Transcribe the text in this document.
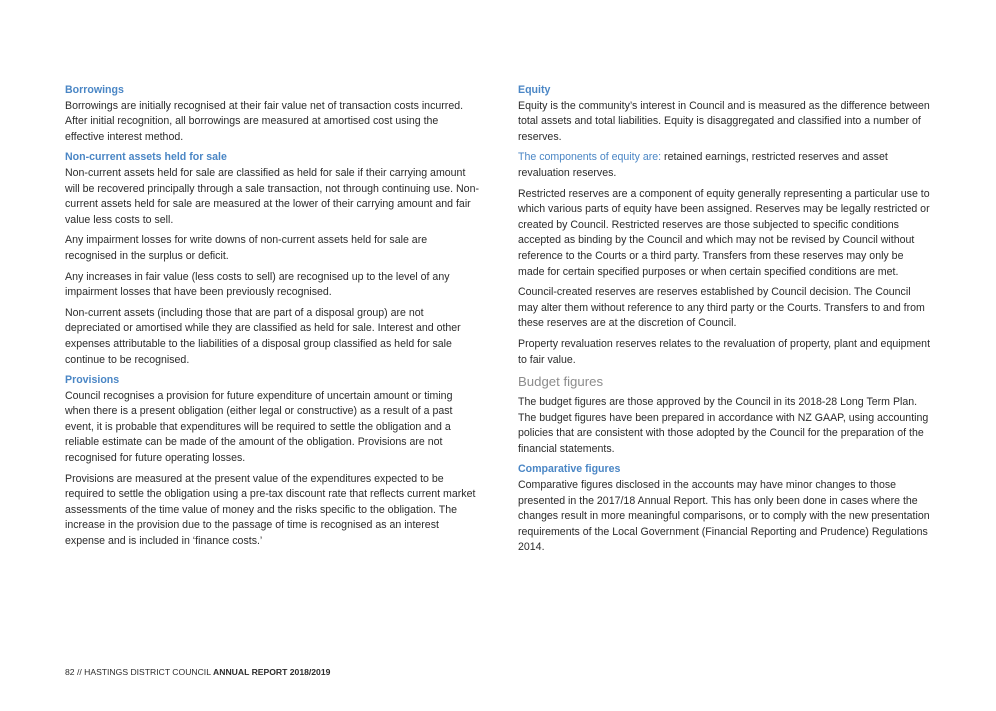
Borrowings

Borrowings are initially recognised at their fair value net of transaction costs incurred. After initial recognition, all borrowings are measured at amortised cost using the effective interest method.

Non-current assets held for sale

Non-current assets held for sale are classified as held for sale if their carrying amount will be recovered principally through a sale transaction, not through continuing use. Non-current assets held for sale are measured at the lower of their carrying amount and fair value less costs to sell.

Any impairment losses for write downs of non-current assets held for sale are recognised in the surplus or deficit.

Any increases in fair value (less costs to sell) are recognised up to the level of any impairment losses that have been previously recognised.

Non-current assets (including those that are part of a disposal group) are not depreciated or amortised while they are classified as held for sale. Interest and other expenses attributable to the liabilities of a disposal group classified as held for sale continue to be recognised.

Provisions

Council recognises a provision for future expenditure of uncertain amount or timing when there is a present obligation (either legal or constructive) as a result of a past event, it is probable that expenditures will be required to settle the obligation and a reliable estimate can be made of the amount of the obligation. Provisions are not recognised for future operating losses.

Provisions are measured at the present value of the expenditures expected to be required to settle the obligation using a pre-tax discount rate that reflects current market assessments of the time value of money and the risks specific to the obligation. The increase in the provision due to the passage of time is recognised as an interest expense and is included in ‘finance costs.’

Equity

Equity is the community’s interest in Council and is measured as the difference between total assets and total liabilities. Equity is disaggregated and classified into a number of reserves.

The components of equity are: retained earnings, restricted reserves and asset revaluation reserves.

Restricted reserves are a component of equity generally representing a particular use to which various parts of equity have been assigned. Reserves may be legally restricted or created by Council. Restricted reserves are those subjected to specific conditions accepted as binding by the Council and which may not be revised by Council without reference to the Courts or a third party. Transfers from these reserves may only be made for certain specified purposes or when certain specified conditions are met.

Council-created reserves are reserves established by Council decision. The Council may alter them without reference to any third party or the Courts. Transfers to and from these reserves are at the discretion of Council.

Property revaluation reserves relates to the revaluation of property, plant and equipment to fair value.

Budget figures

The budget figures are those approved by the Council in its 2018-28 Long Term Plan. The budget figures have been prepared in accordance with NZ GAAP, using accounting policies that are consistent with those adopted by the Council for the preparation of the financial statements.

Comparative figures

Comparative figures disclosed in the accounts may have minor changes to those presented in the 2017/18 Annual Report. This has only been done in cases where the changes result in more meaningful comparisons, or to comply with the new presentation requirements of the Local Government (Financial Reporting and Prudence) Regulations 2014.

82 // HASTINGS DISTRICT COUNCIL ANNUAL REPORT 2018/2019
